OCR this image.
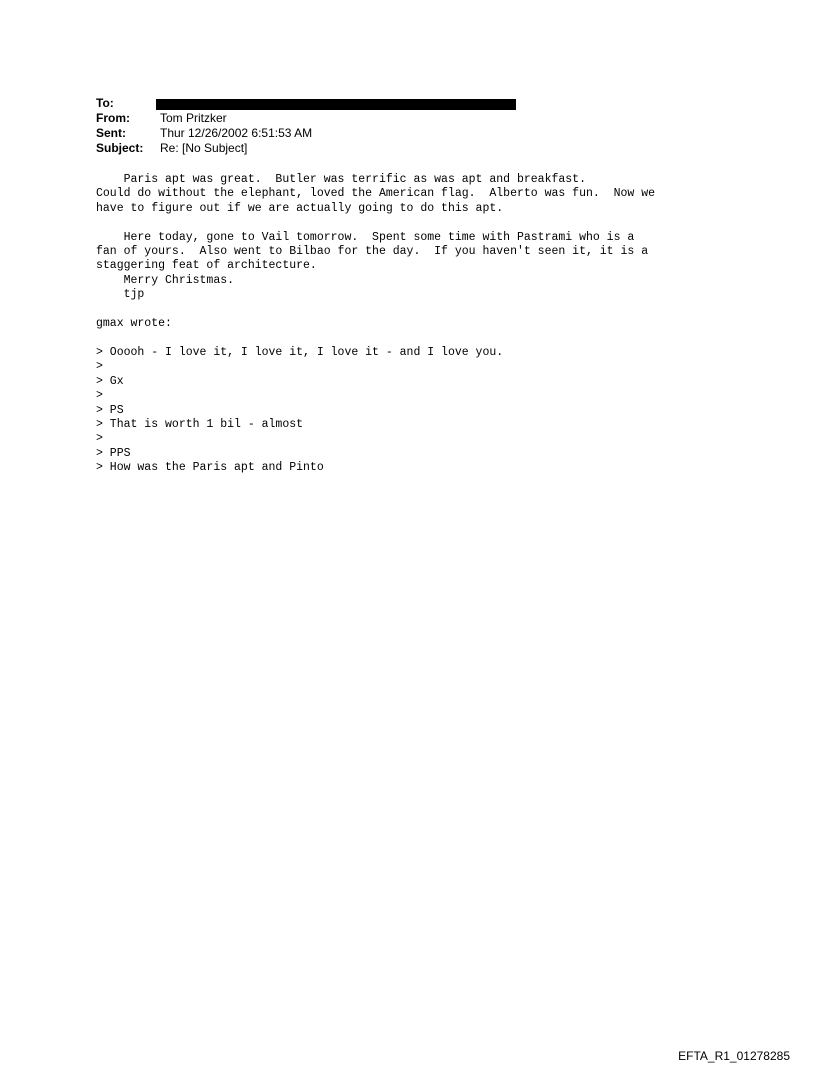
To:
From:	Tom Pritzker
Sent:	Thur 12/26/2002 6:51:53 AM
Subject:	Re: [No Subject]
Paris apt was great.  Butler was terrific as was apt and breakfast.
Could do without the elephant, loved the American flag.  Alberto was fun.  Now we
have to figure out if we are actually going to do this apt.

Here today, gone to Vail tomorrow.  Spent some time with Pastrami who is a
fan of yours.  Also went to Bilbao for the day.  If you haven't seen it, it is a
staggering feat of architecture.
Merry Christmas.
tjp

gmax wrote:

> Ooooh - I love it, I love it, I love it - and I love you.
>
> Gx
>
> PS
> That is worth 1 bil - almost
>
> PPS
> How was the Paris apt and Pinto
EFTA_R1_01278285
